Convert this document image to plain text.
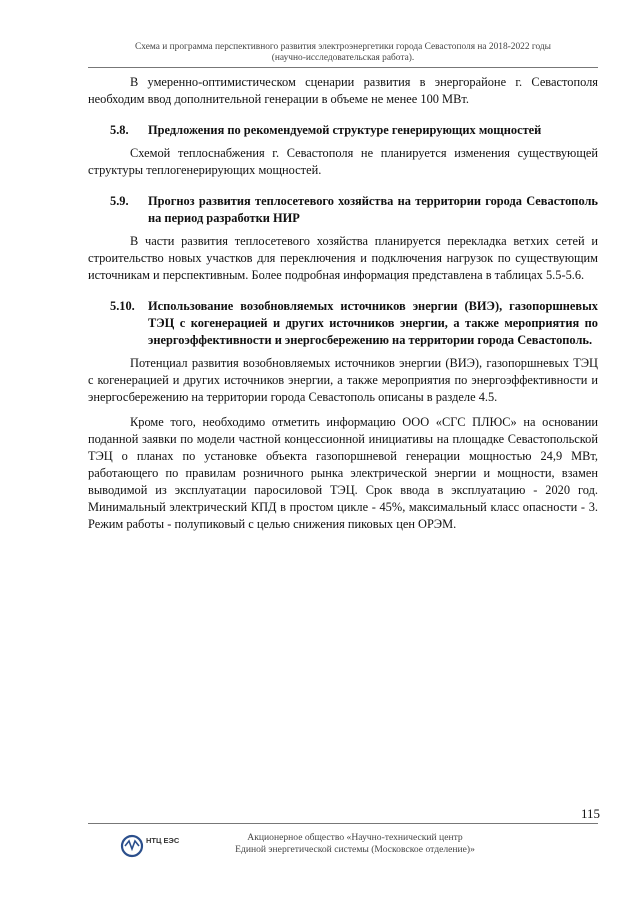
Схема и программа перспективного развития электроэнергетики города Севастополя на 2018-2022 годы
(научно-исследовательская работа).

В умеренно-оптимистическом сценарии развития в энергорайоне г. Севастополя необходим ввод дополнительной генерации в объеме не менее 100 МВт.

5.8.	Предложения по рекомендуемой структуре генерирующих мощностей

Схемой теплоснабжения г. Севастополя не планируется изменения существующей структуры теплогенерирующих мощностей.

5.9.	Прогноз развития теплосетевого хозяйства на территории города Севастополь на период разработки НИР

В части развития теплосетевого хозяйства планируется перекладка ветхих сетей и строительство новых участков для переключения и подключения нагрузок по существующим источникам и перспективным. Более подробная информация представлена в таблицах 5.5-5.6.

5.10.	Использование возобновляемых источников энергии (ВИЭ), газопоршневых ТЭЦ с когенерацией и других источников энергии, а также мероприятия по энергоэффективности и энергосбережению на территории города Севастополь.

Потенциал развития возобновляемых источников энергии (ВИЭ), газопоршневых ТЭЦ с когенерацией и других источников энергии, а также мероприятия по энергоэффективности и энергосбережению на территории города Севастополь описаны в разделе 4.5.

Кроме того, необходимо отметить информацию ООО «СГС ПЛЮС» на основании поданной заявки по модели частной концессионной инициативы на площадке Севастопольской ТЭЦ о планах по установке объекта газопоршневой генерации мощностью 24,9 МВт, работающего по правилам розничного рынка электрической энергии и мощности, взамен выводимой из эксплуатации паросиловой ТЭЦ. Срок ввода в эксплуатацию - 2020 год. Минимальный электрический КПД в простом цикле - 45%, максимальный класс опасности - 3. Режим работы - полупиковый с целью снижения пиковых цен ОРЭМ.

115
НТЦ ЕЭС	Акционерное общество «Научно-технический центр
Единой энергетической системы (Московское отделение)»
